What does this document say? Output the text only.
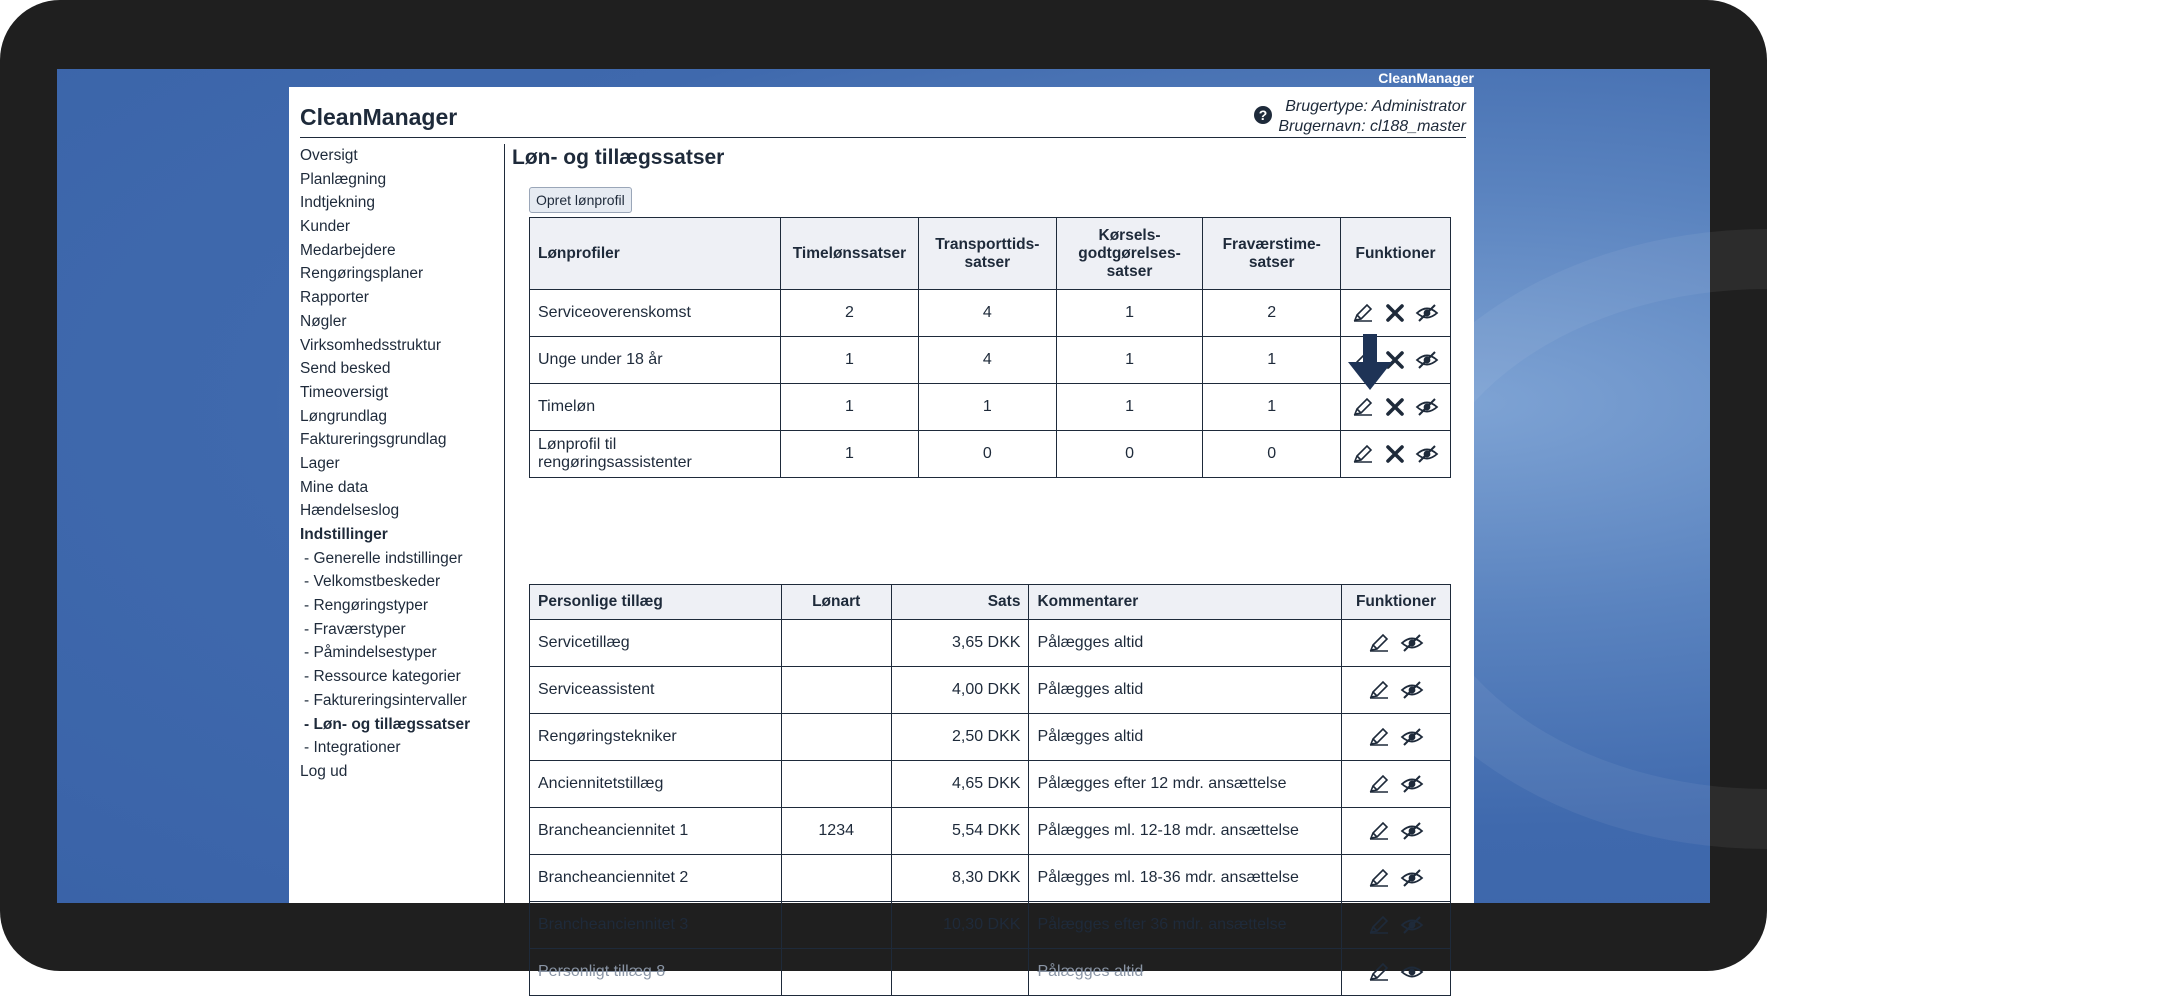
CleanManager
CleanManager	?	Brugertype: Administrator
Brugernavn: cl188_master
Oversigt
Planlægning
Indtjekning
Kunder
Medarbejdere
Rengøringsplaner
Rapporter
Nøgler
Virksomhedsstruktur
Send besked
Timeoversigt
Løngrundlag
Faktureringsgrundlag
Lager
Mine data
Hændelseslog
Indstillinger
- Generelle indstillinger
- Velkomstbeskeder
- Rengøringstyper
- Fraværstyper
- Påmindelsestyper
- Ressource kategorier
- Faktureringsintervaller
- Løn- og tillægssatser
- Integrationer
Log ud
Løn- og tillægssatser
Opret lønprofil
Lønprofiler	Timelønssatser	Transporttids-satser	Kørsels-godtgørelses-satser	Fraværstime-satser	Funktioner
Serviceoverenskomst	2	4	1	2	
Unge under 18 år	1	4	1	1	
Timeløn	1	1	1	1	
Lønprofil til rengøringsassistenter	1	0	0	0	
Personlige tillæg	Lønart	Sats	Kommentarer	Funktioner
Servicetillæg		3,65 DKK	Pålægges altid	
Serviceassistent		4,00 DKK	Pålægges altid	
Rengøringstekniker		2,50 DKK	Pålægges altid	
Anciennitetstillæg		4,65 DKK	Pålægges efter 12 mdr. ansættelse	
Brancheanciennitet 1	1234	5,54 DKK	Pålægges ml. 12-18 mdr. ansættelse	
Brancheanciennitet 2		8,30 DKK	Pålægges ml. 18-36 mdr. ansættelse	
Brancheanciennitet 3		10,30 DKK	Pålægges efter 36 mdr. ansættelse	
Personligt tillæg 8			Pålægges altid	
